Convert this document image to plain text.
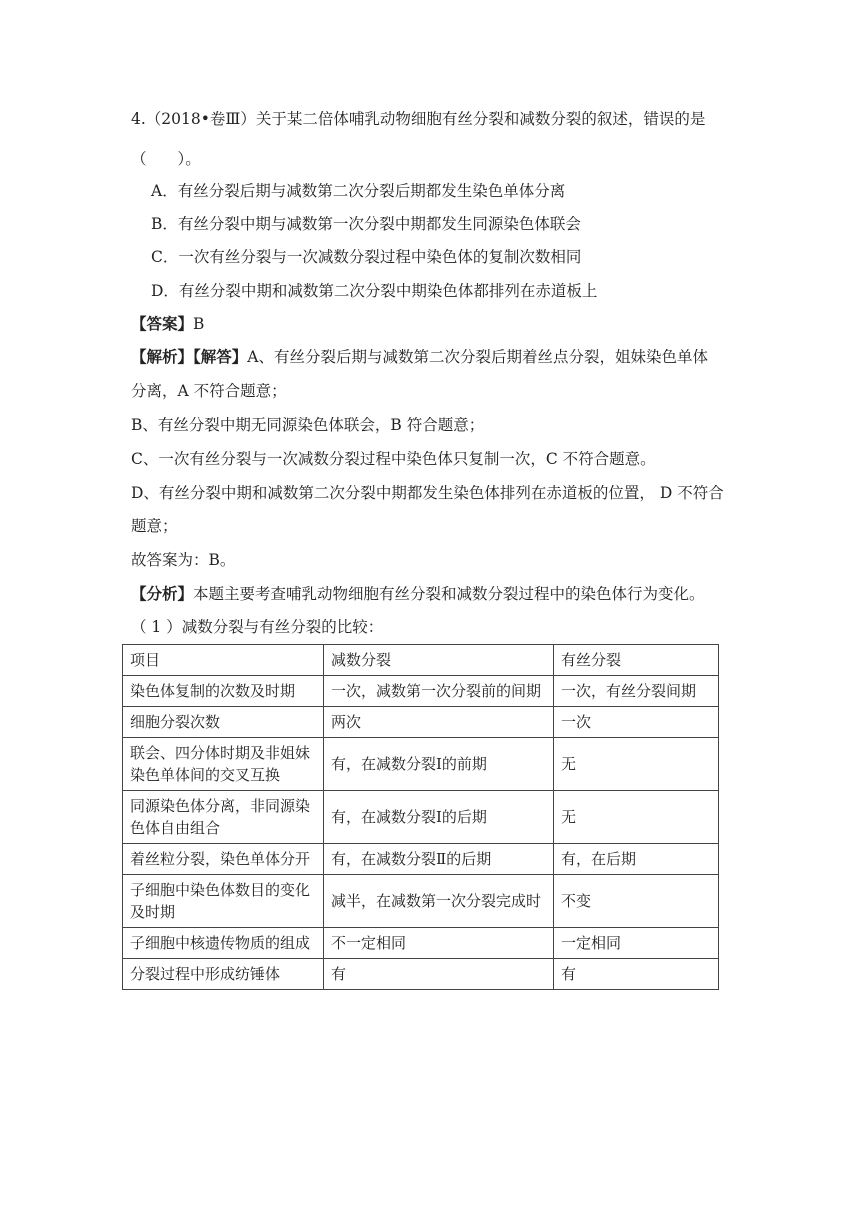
4.（2018•卷Ⅲ）关于某二倍体哺乳动物细胞有丝分裂和减数分裂的叙述，错误的是
（　　）。
A．有丝分裂后期与减数第二次分裂后期都发生染色单体分离
B．有丝分裂中期与减数第一次分裂中期都发生同源染色体联会
C．一次有丝分裂与一次减数分裂过程中染色体的复制次数相同
D．有丝分裂中期和减数第二次分裂中期染色体都排列在赤道板上
【答案】B
【解析】【解答】A、有丝分裂后期与减数第二次分裂后期着丝点分裂，姐妹染色单体
分离，A 不符合题意；
B、有丝分裂中期无同源染色体联会，B 符合题意；
C、一次有丝分裂与一次减数分裂过程中染色体只复制一次，C 不符合题意。
D、有丝分裂中期和减数第二次分裂中期都发生染色体排列在赤道板的位置， D 不符合
题意；
故答案为：B。
【分析】本题主要考查哺乳动物细胞有丝分裂和减数分裂过程中的染色体行为变化。
（ 1 ）减数分裂与有丝分裂的比较：
项目	减数分裂	有丝分裂
染色体复制的次数及时期	一次，减数第一次分裂前的间期	一次，有丝分裂间期
细胞分裂次数	两次	一次
联会、四分体时期及非姐妹染色单体间的交叉互换	有，在减数分裂Ⅰ的前期	无
同源染色体分离，非同源染色体自由组合	有，在减数分裂Ⅰ的后期	无
着丝粒分裂，染色单体分开	有，在减数分裂Ⅱ的后期	有，在后期
子细胞中染色体数目的变化及时期	减半，在减数第一次分裂完成时	不变
子细胞中核遗传物质的组成	不一定相同	一定相同
分裂过程中形成纺锤体	有	有
